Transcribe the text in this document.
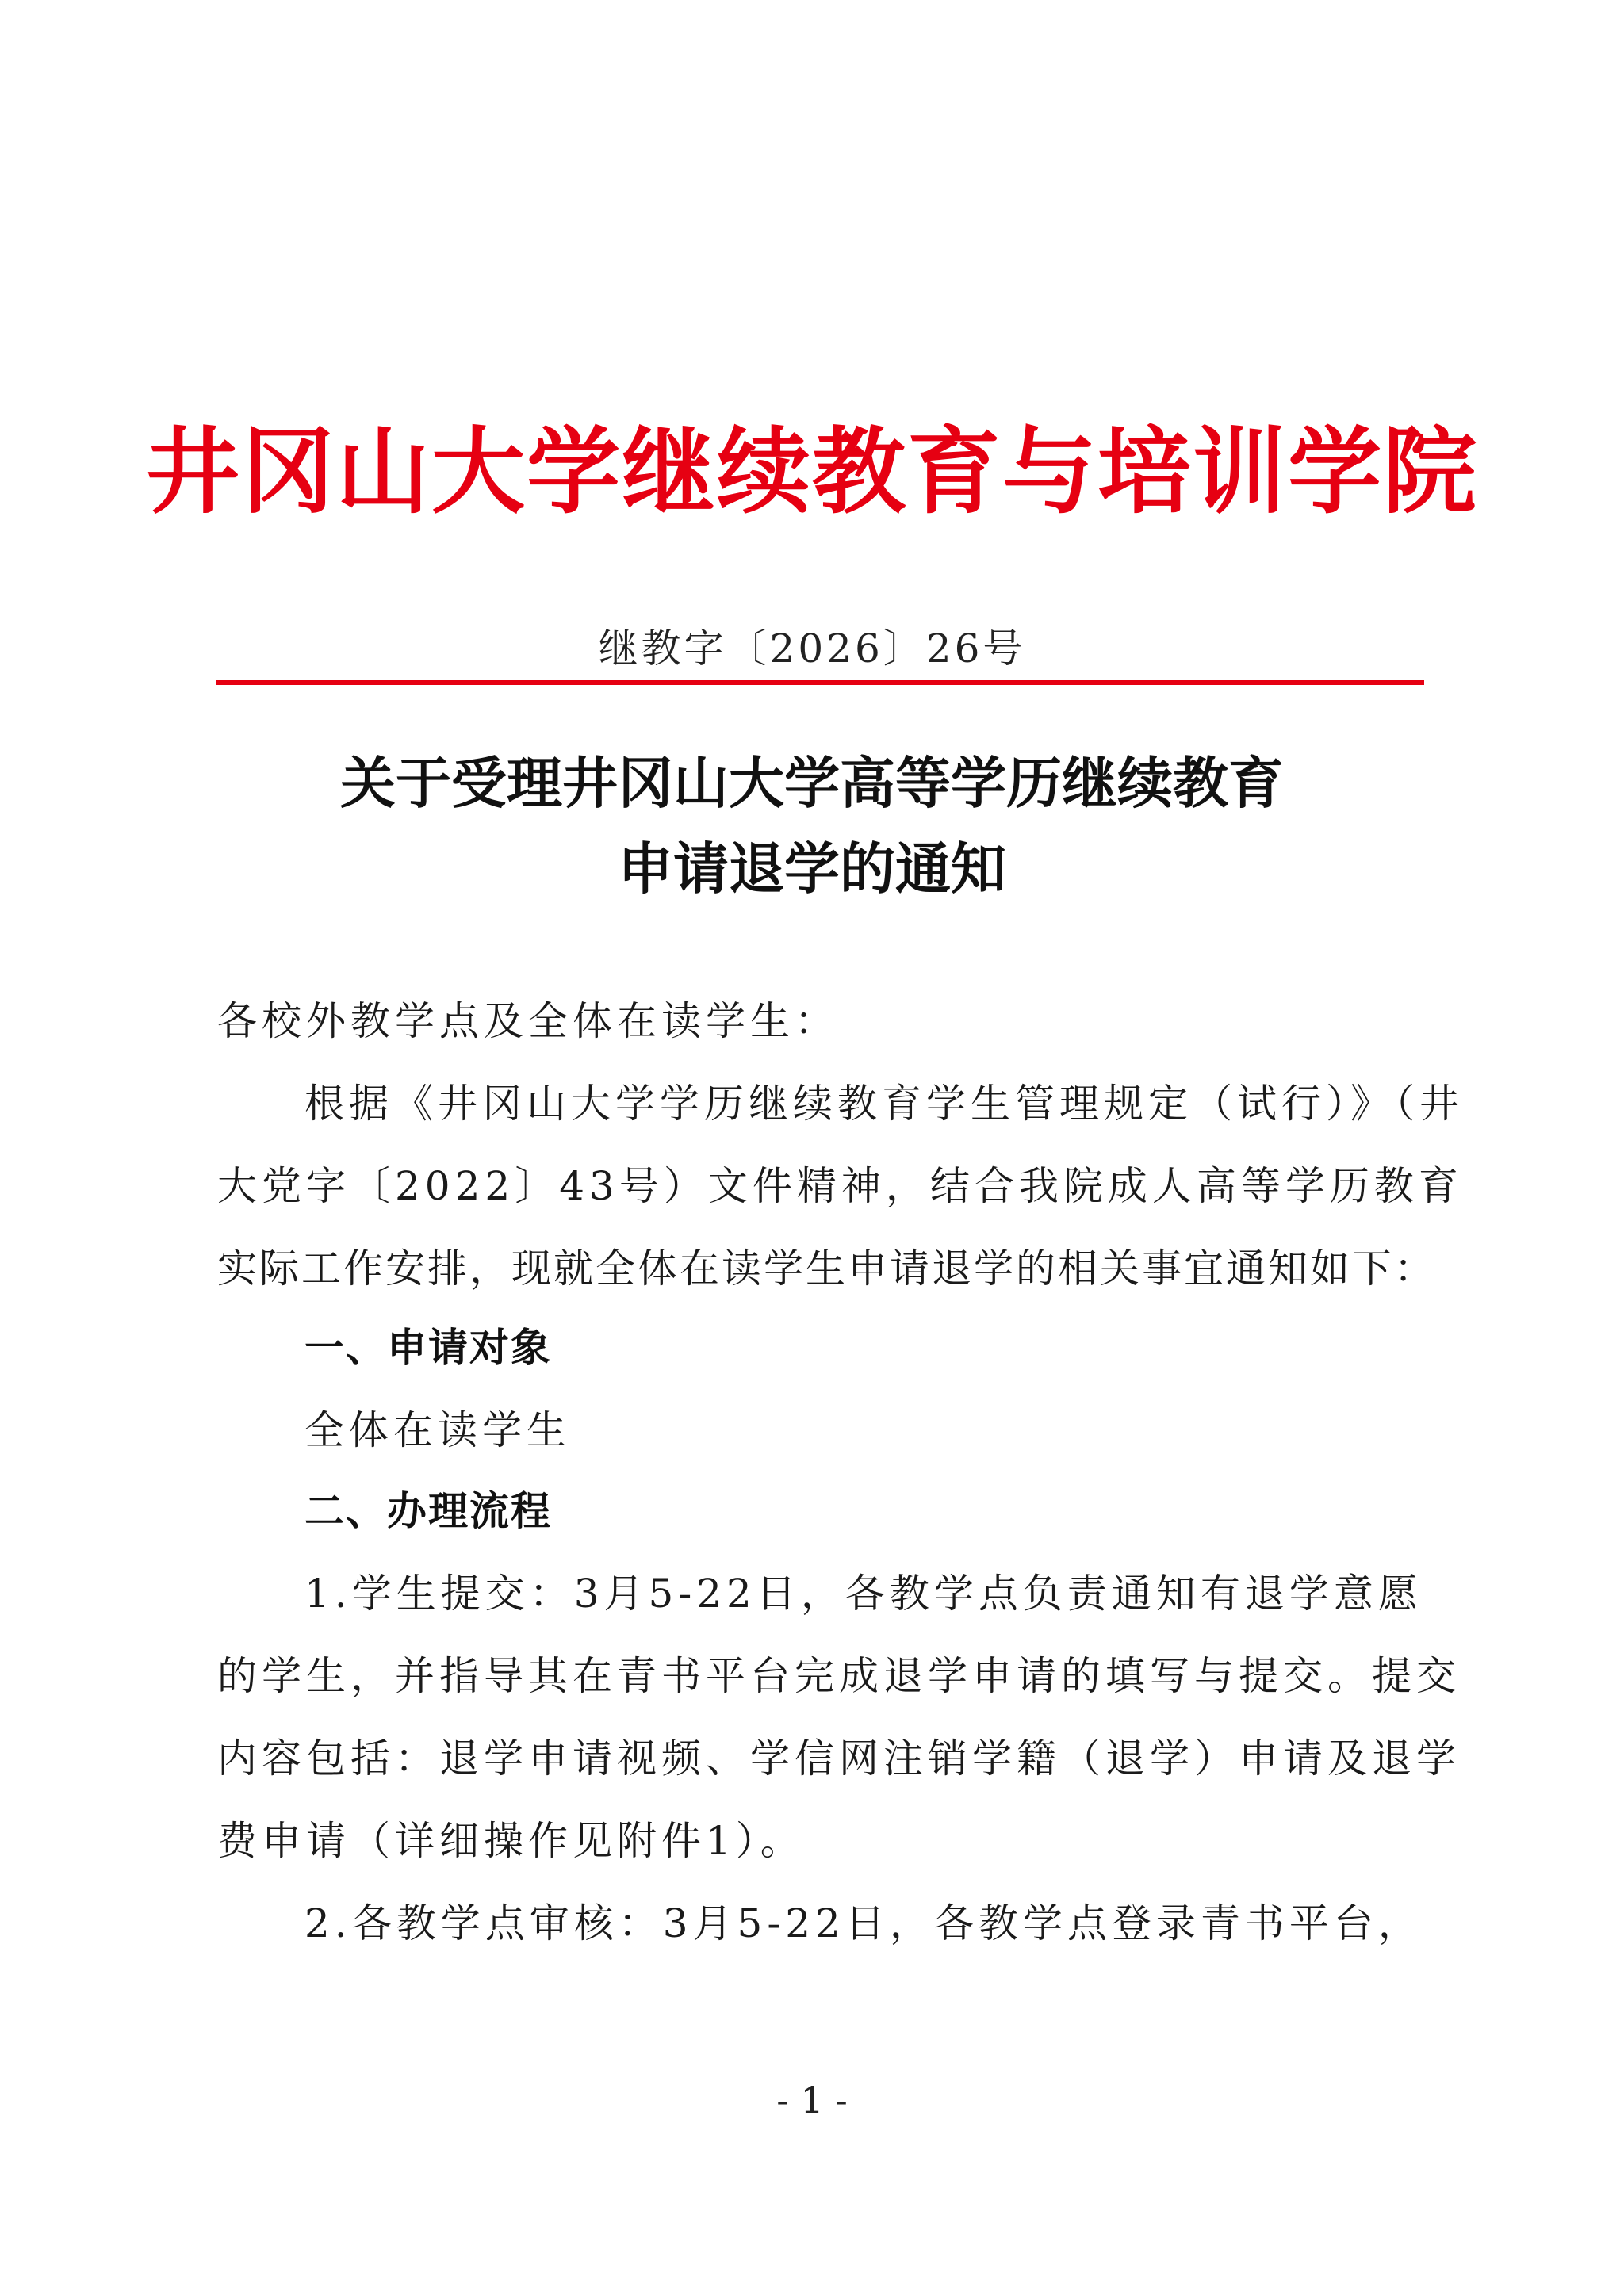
井冈山大学继续教育与培训学院
继教字〔2026〕26号
关于受理井冈山大学高等学历继续教育
申请退学的通知
各校外教学点及全体在读学生：
根据《井冈山大学学历继续教育学生管理规定（试行）》（井
大党字〔2022〕43号）文件精神，结合我院成人高等学历教育
实际工作安排，现就全体在读学生申请退学的相关事宜通知如下：
一、申请对象
全体在读学生
二、办理流程
1.学生提交：3月5-22日，各教学点负责通知有退学意愿
的学生，并指导其在青书平台完成退学申请的填写与提交。提交
内容包括：退学申请视频、学信网注销学籍（退学）申请及退学
费申请（详细操作见附件1）。
2.各教学点审核：3月5-22日，各教学点登录青书平台，
- 1 -
